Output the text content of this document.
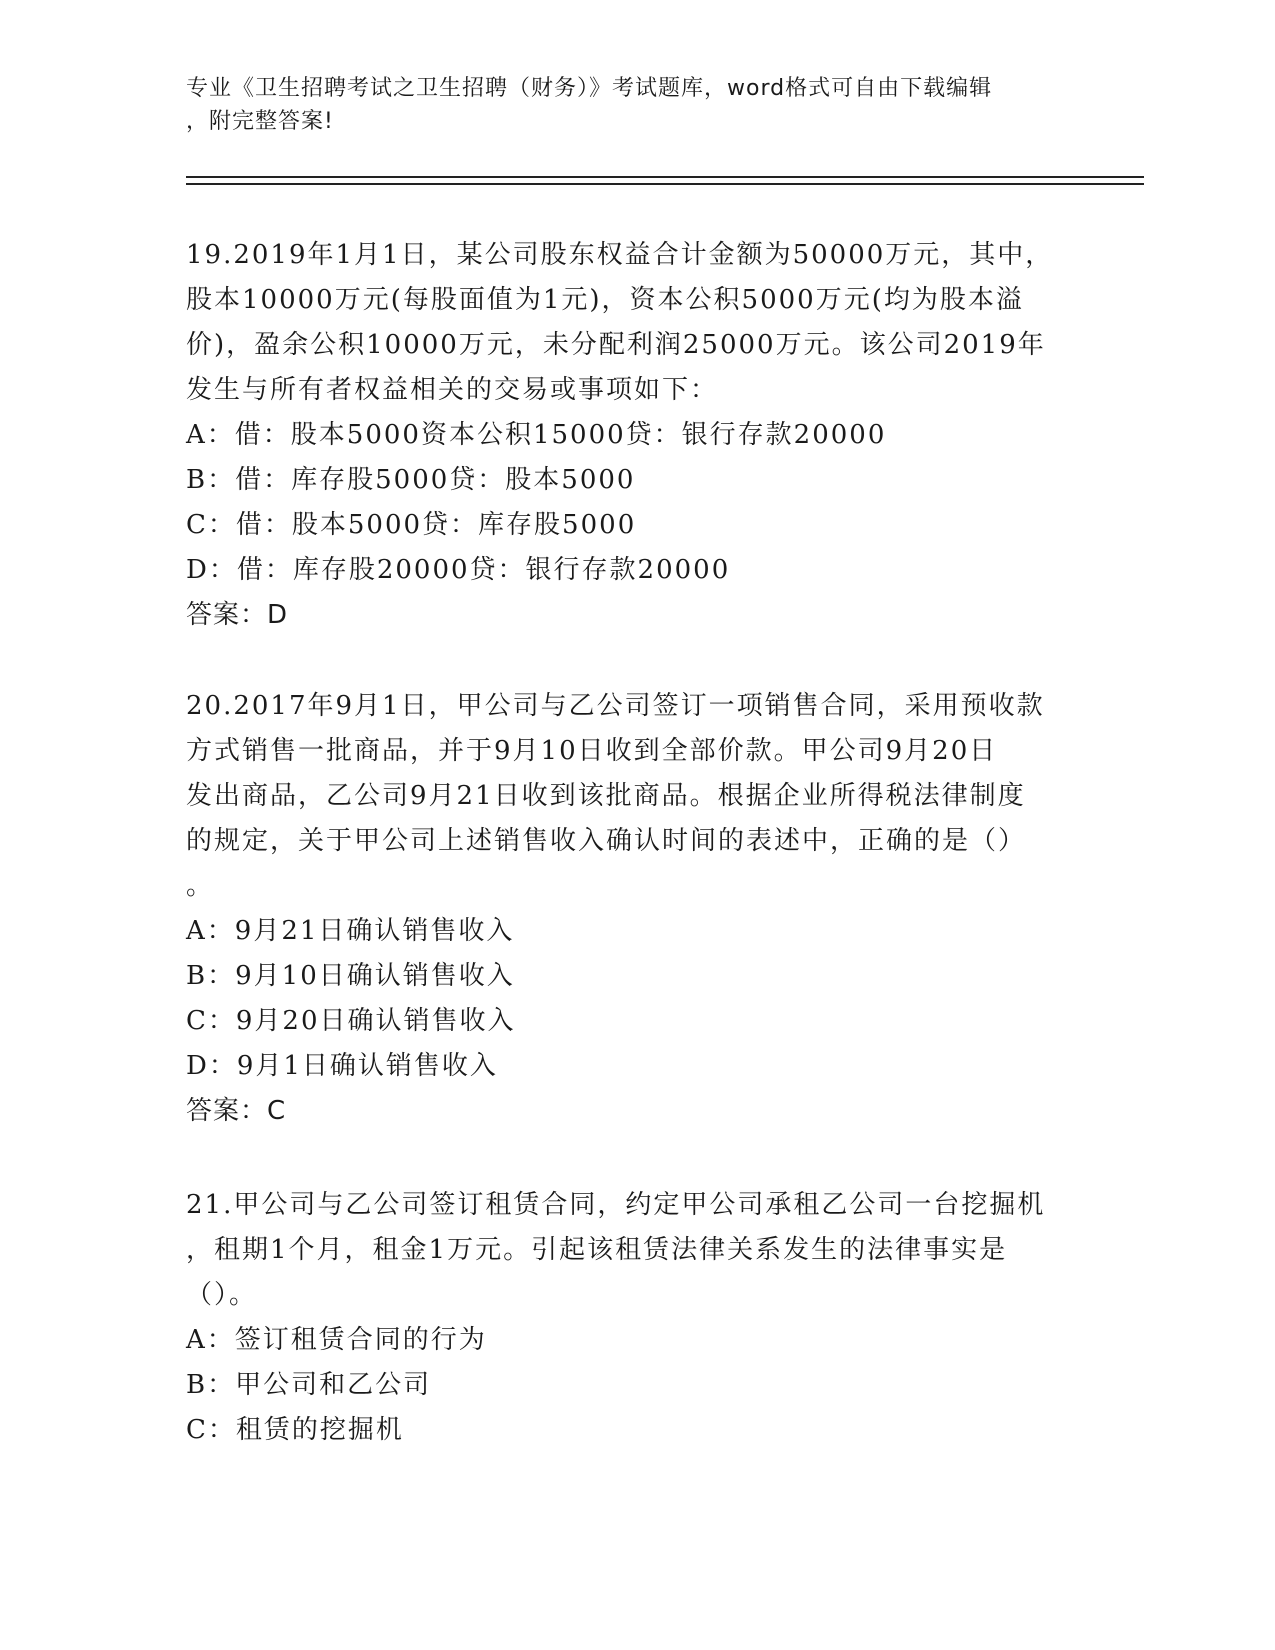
专业《卫生招聘考试之卫生招聘（财务）》考试题库，word格式可自由下载编辑
，附完整答案!

19.2019年1月1日，某公司股东权益合计金额为50000万元，其中，

股本10000万元(每股面值为1元)，资本公积5000万元(均为股本溢

价)，盈余公积10000万元，未分配利润25000万元。该公司2019年

发生与所有者权益相关的交易或事项如下：

A：借：股本5000资本公积15000贷：银行存款20000

B：借：库存股5000贷：股本5000

C：借：股本5000贷：库存股5000

D：借：库存股20000贷：银行存款20000

答案：D

20.2017年9月1日，甲公司与乙公司签订一项销售合同，采用预收款

方式销售一批商品，并于9月10日收到全部价款。甲公司9月20日

发出商品，乙公司9月21日收到该批商品。根据企业所得税法律制度

的规定，关于甲公司上述销售收入确认时间的表述中，正确的是（）

。

A：9月21日确认销售收入

B：9月10日确认销售收入

C：9月20日确认销售收入

D：9月1日确认销售收入

答案：C

21.甲公司与乙公司签订租赁合同，约定甲公司承租乙公司一台挖掘机

，租期1个月，租金1万元。引起该租赁法律关系发生的法律事实是

（）。

A：签订租赁合同的行为

B：甲公司和乙公司

C：租赁的挖掘机
